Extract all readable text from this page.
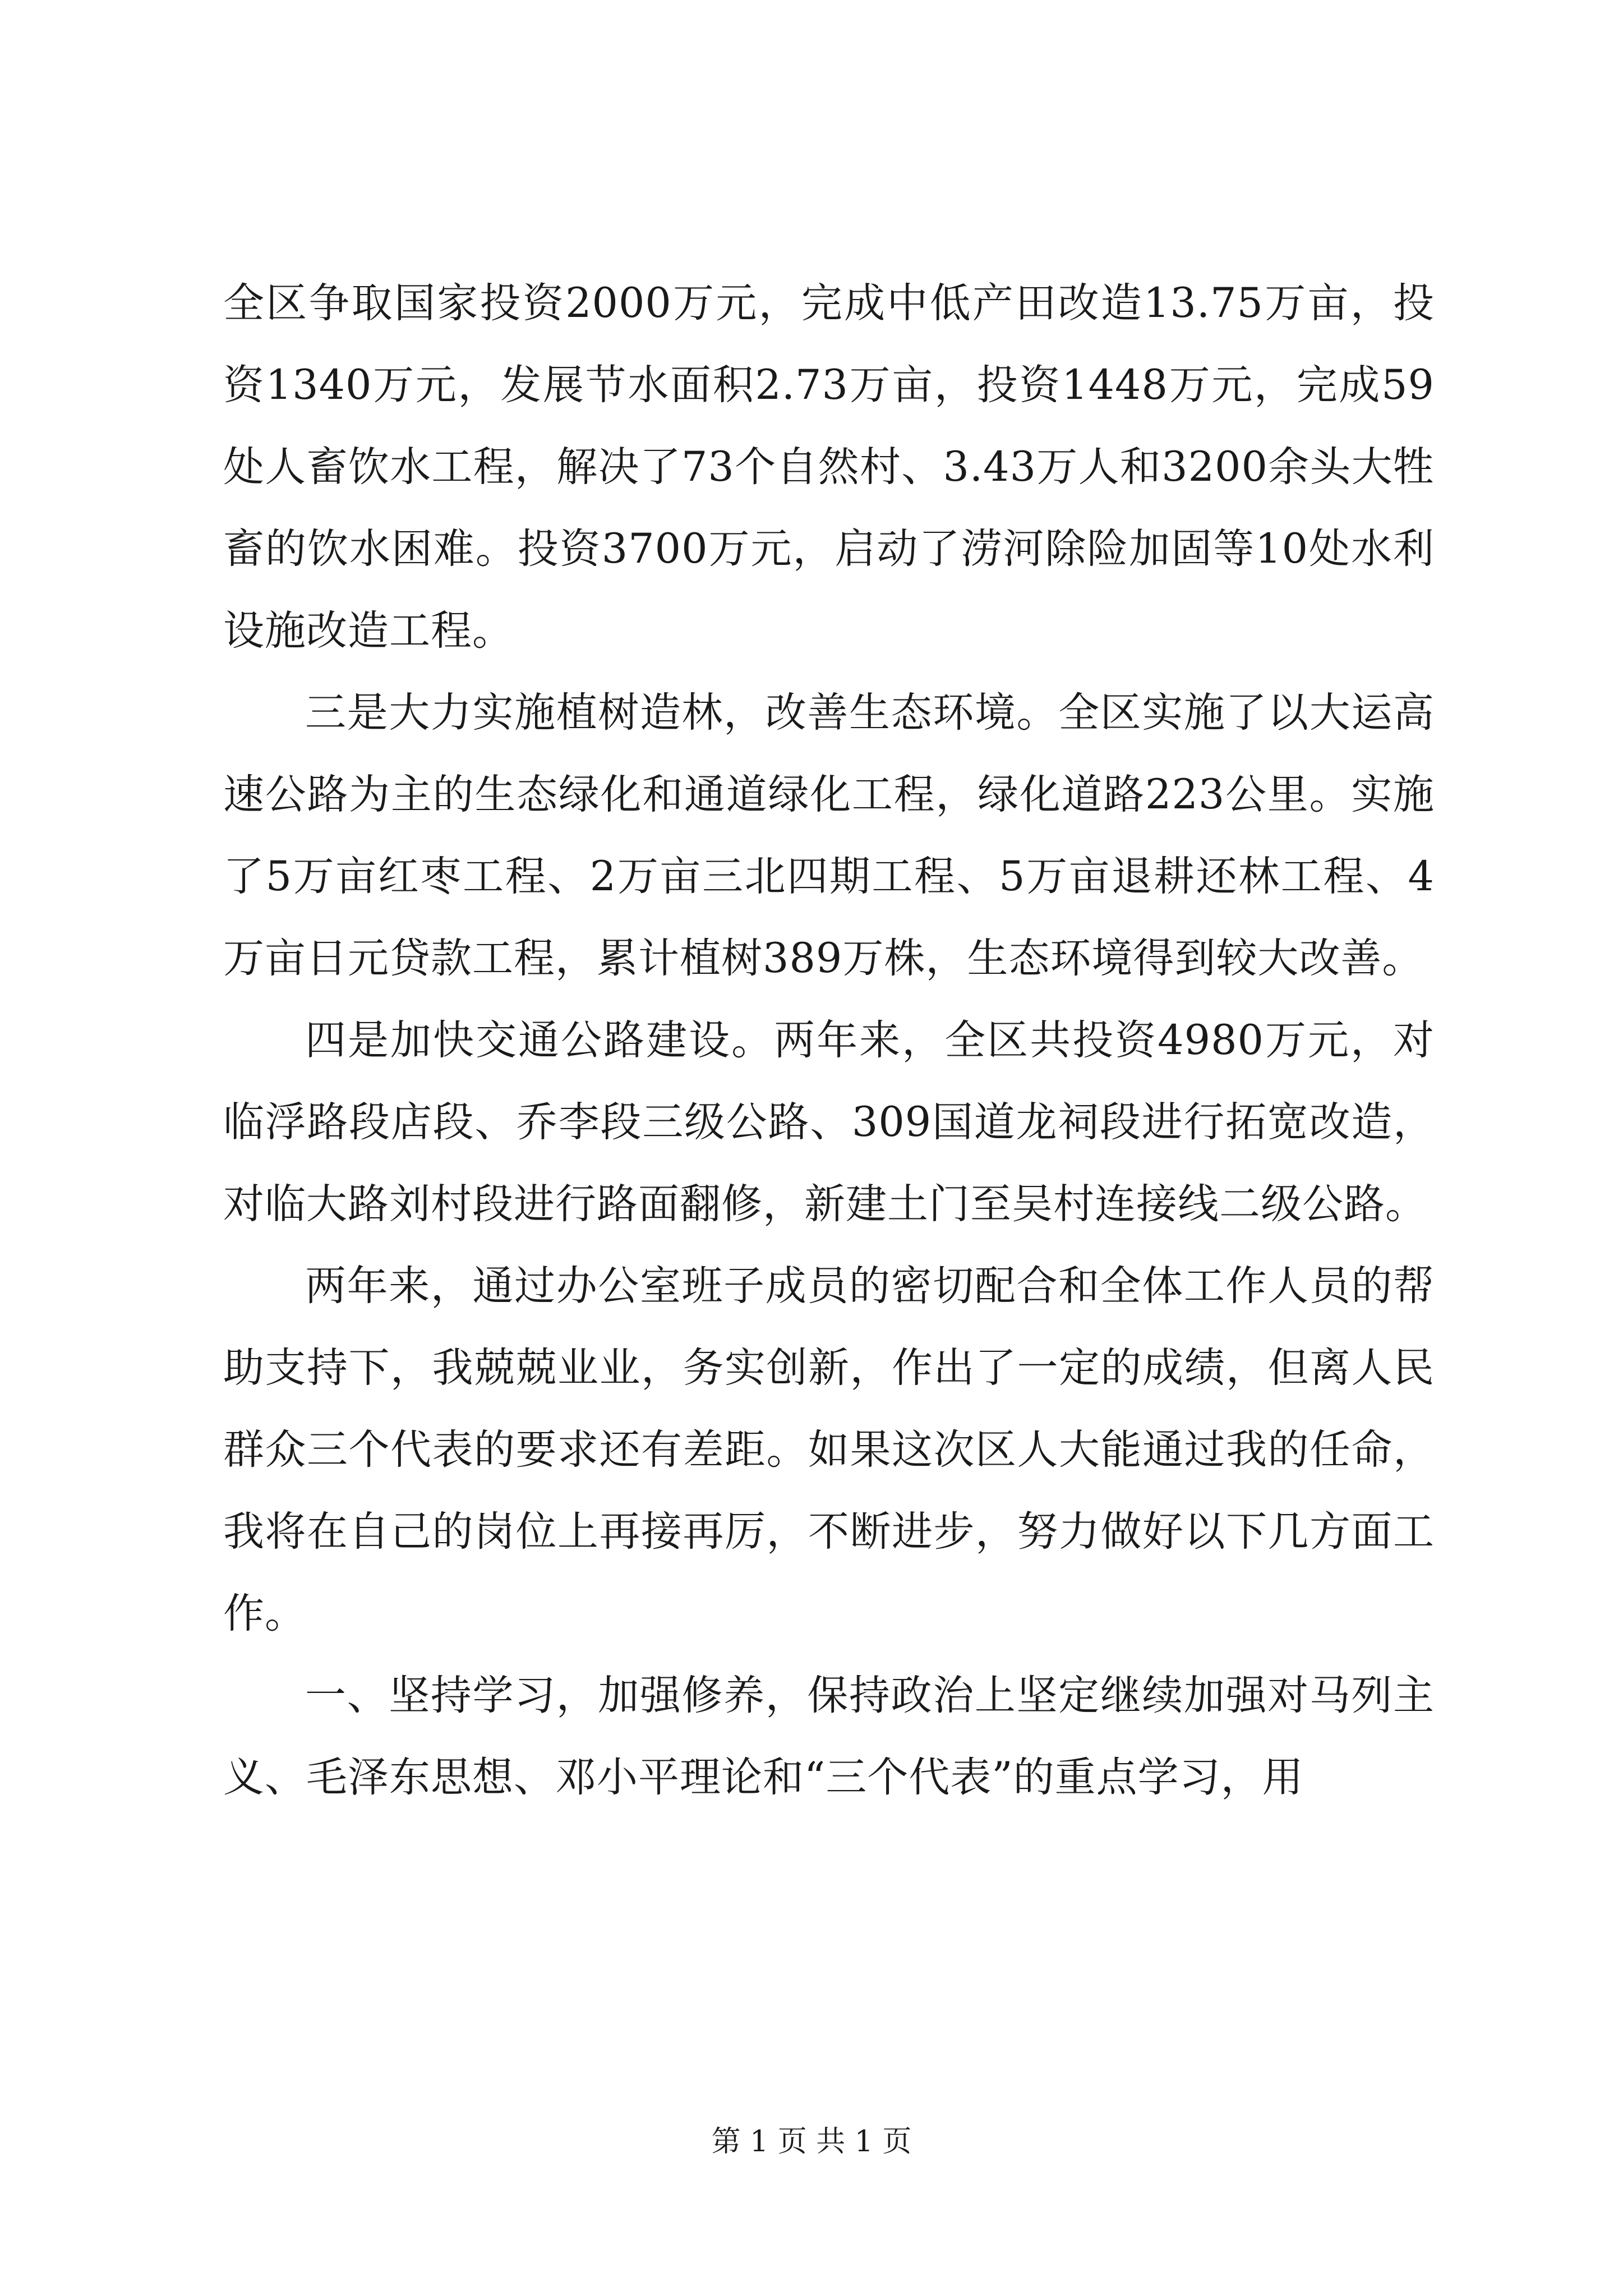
全区争取国家投资2000万元，完成中低产田改造13.75万亩，投资1340万元，发展节水面积2.73万亩，投资1448万元，完成59处人畜饮水工程，解决了73个自然村、3.43万人和3200余头大牲畜的饮水困难。投资3700万元，启动了涝河除险加固等10处水利设施改造工程。

三是大力实施植树造林，改善生态环境。全区实施了以大运高速公路为主的生态绿化和通道绿化工程，绿化道路223公里。实施了5万亩红枣工程、2万亩三北四期工程、5万亩退耕还林工程、4万亩日元贷款工程，累计植树389万株，生态环境得到较大改善。

四是加快交通公路建设。两年来，全区共投资4980万元，对临浮路段店段、乔李段三级公路、309国道龙祠段进行拓宽改造，对临大路刘村段进行路面翻修，新建土门至吴村连接线二级公路。

两年来，通过办公室班子成员的密切配合和全体工作人员的帮助支持下，我兢兢业业，务实创新，作出了一定的成绩，但离人民群众三个代表的要求还有差距。如果这次区人大能通过我的任命，我将在自己的岗位上再接再厉，不断进步，努力做好以下几方面工作。

一、坚持学习，加强修养，保持政治上坚定继续加强对马列主义、毛泽东思想、邓小平理论和“三个代表”的重点学习，用

第 1 页 共 1 页
